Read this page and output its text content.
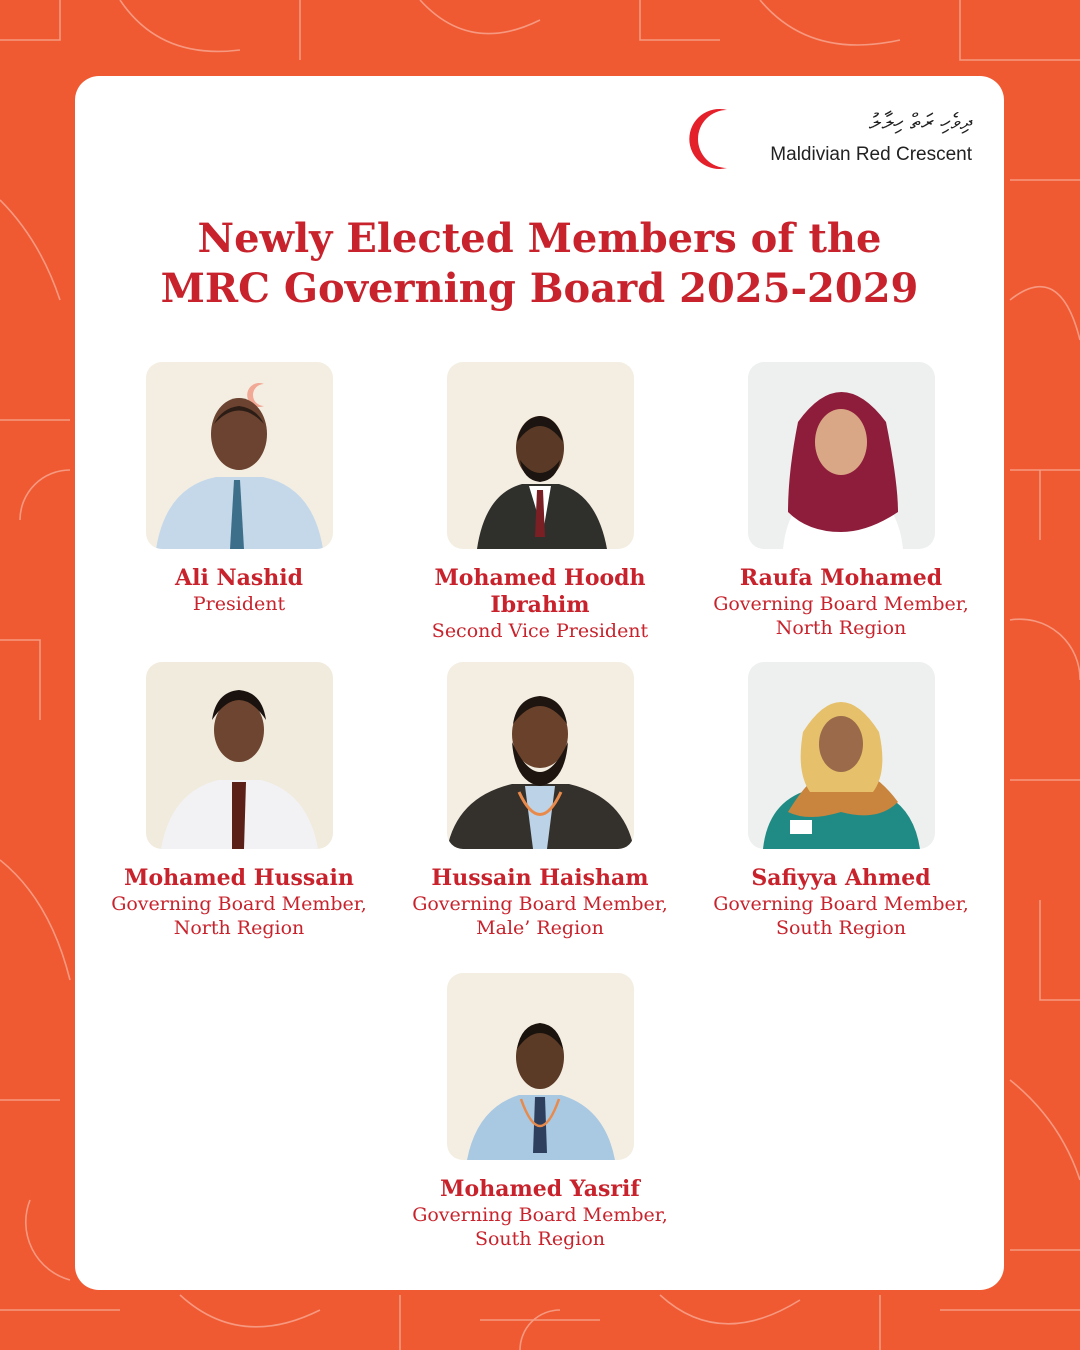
ދިވެހި ރަތް ހިލާލު
Maldivian Red Crescent
Newly Elected Members of the
MRC Governing Board 2025-2029
Ali Nashid
President
Mohamed Hoodh
Ibrahim
Second Vice President
Raufa Mohamed
Governing Board Member,
North Region
Mohamed Hussain
Governing Board Member,
North Region
Hussain Haisham
Governing Board Member,
Male’ Region
Safiyya Ahmed
Governing Board Member,
South Region
Mohamed Yasrif
Governing Board Member,
South Region
